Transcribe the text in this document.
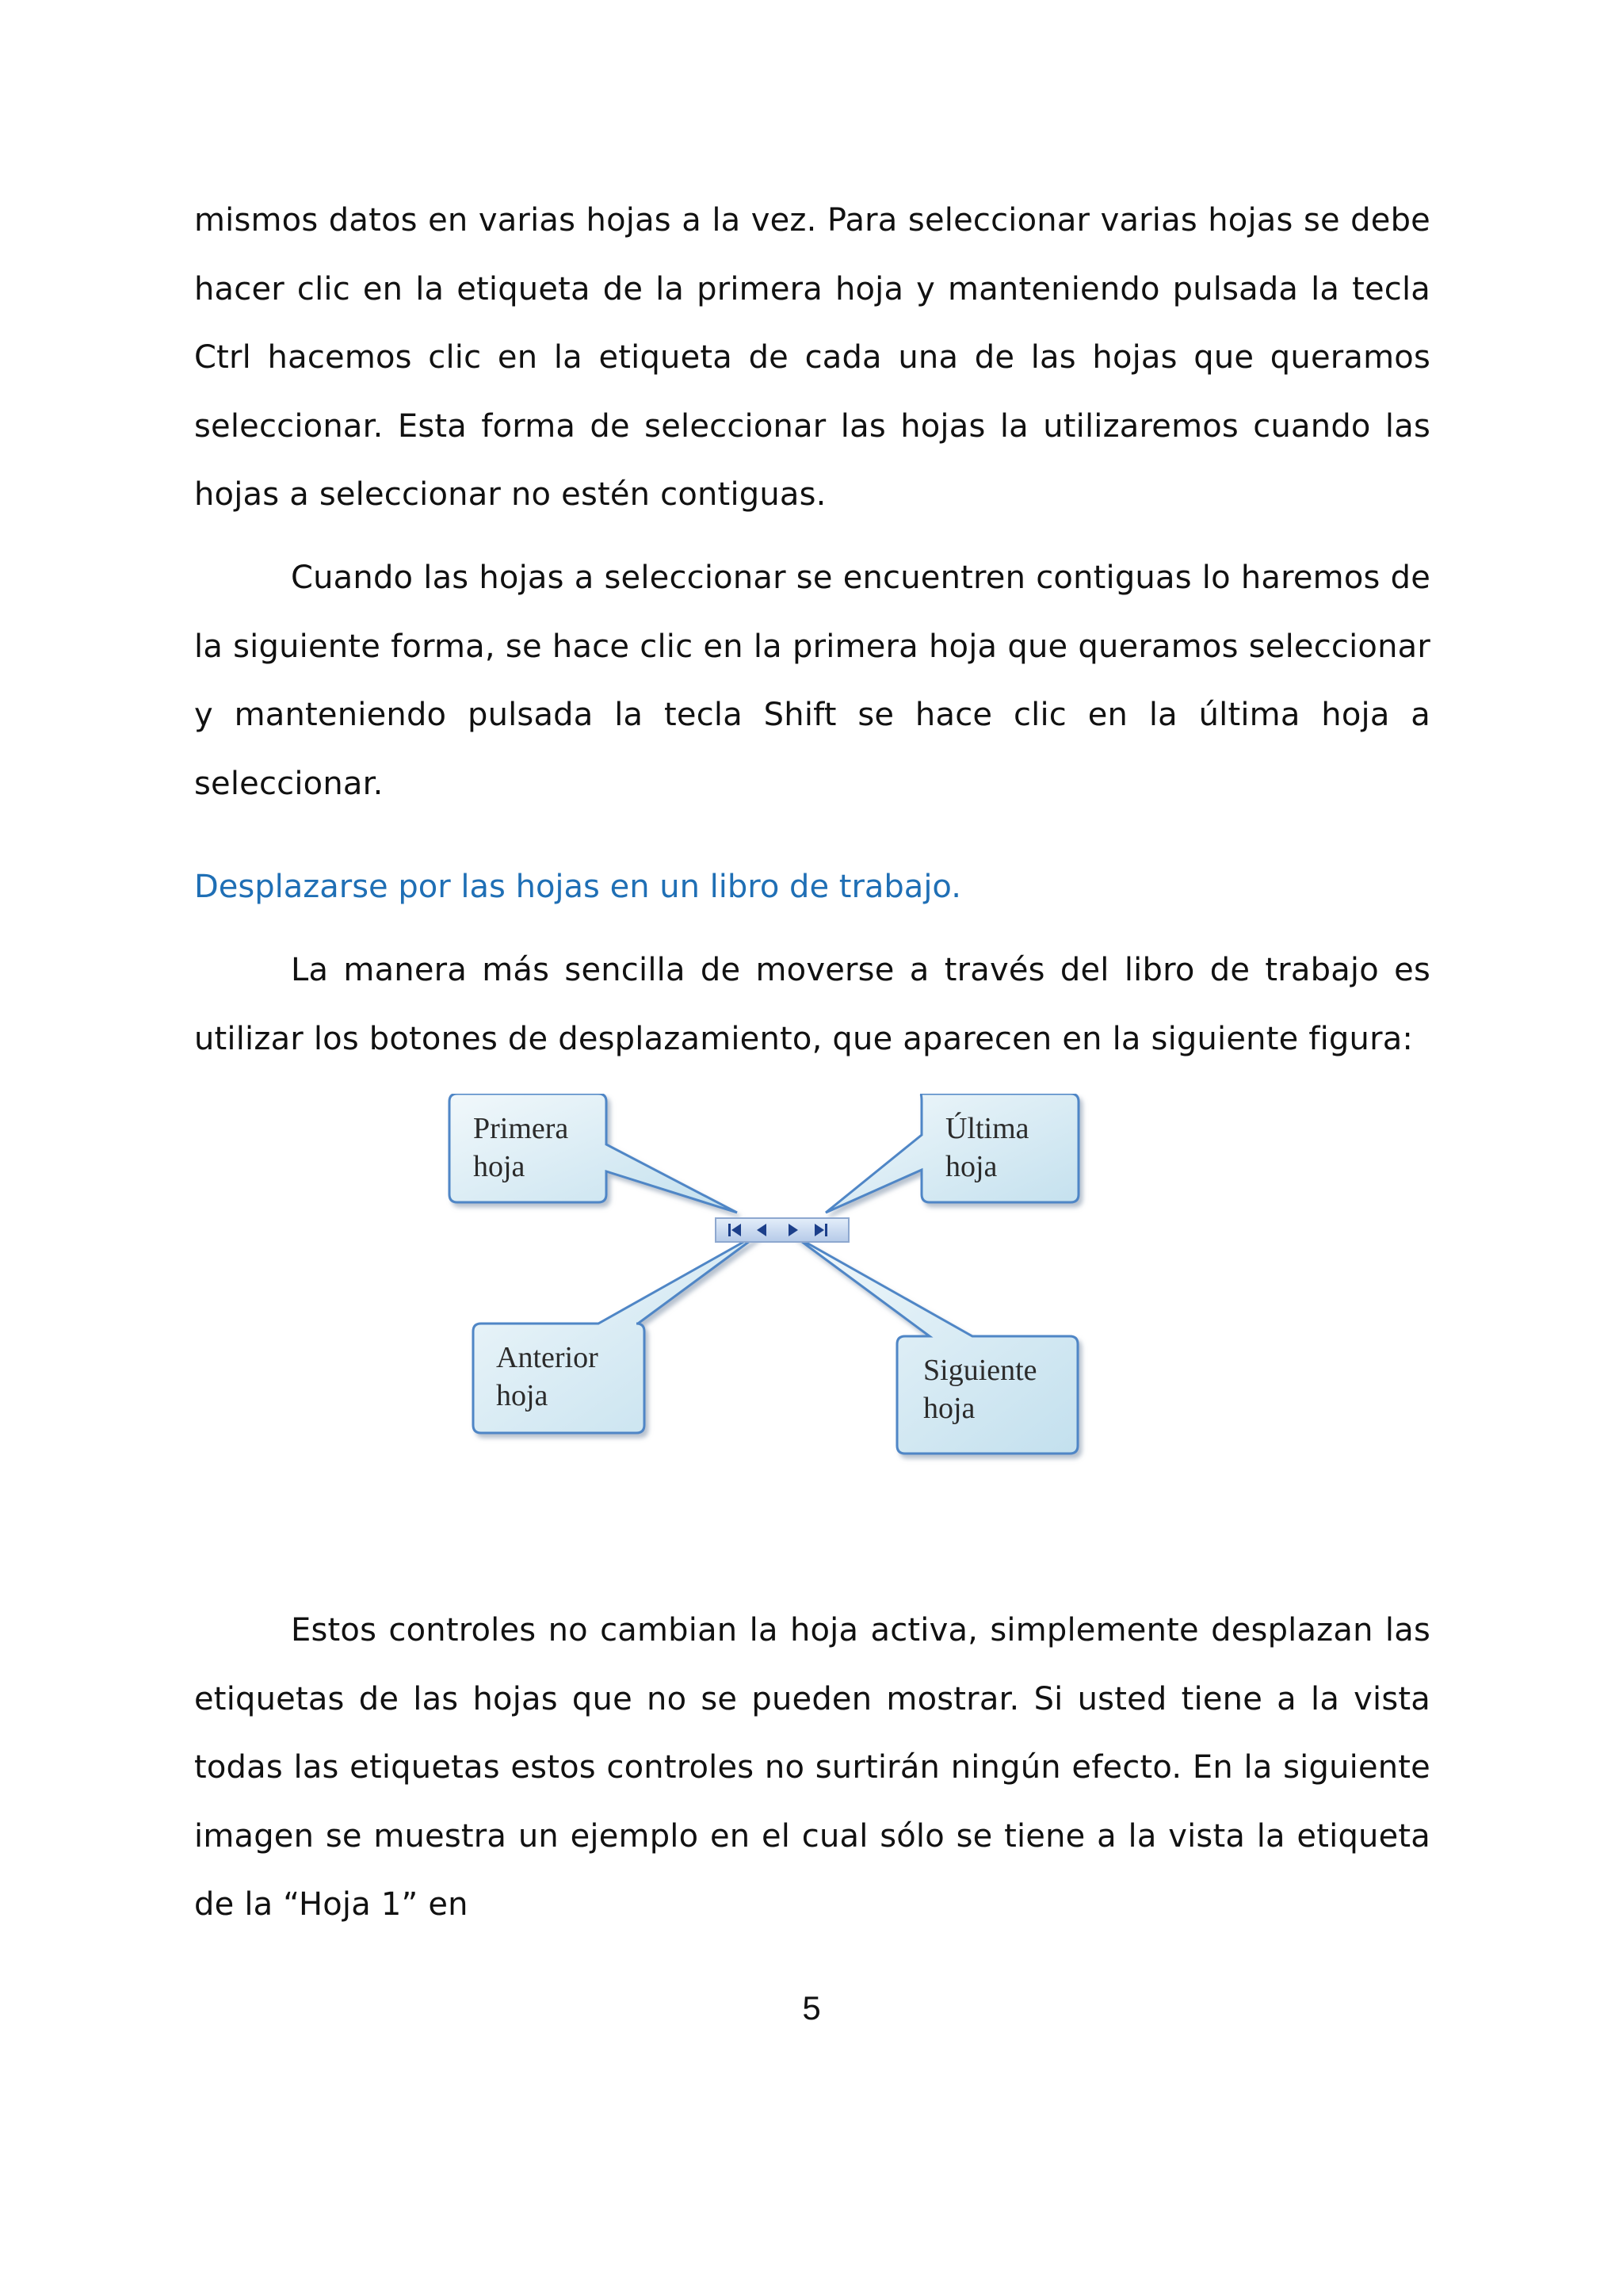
mismos datos en varias hojas a la vez. Para seleccionar varias hojas se debe hacer clic en la etiqueta de la primera hoja y manteniendo pulsada la tecla Ctrl hacemos clic en la etiqueta de cada una de las hojas que queramos seleccionar. Esta forma de seleccionar las hojas la utilizaremos cuando las hojas a seleccionar no estén contiguas.

Cuando las hojas a seleccionar se encuentren contiguas lo haremos de la siguiente forma, se hace clic en la primera hoja que queramos seleccionar y manteniendo pulsada la tecla Shift se hace clic en la última hoja a seleccionar.

Desplazarse por las hojas en un libro de trabajo.

La manera más sencilla de moverse a través del libro de trabajo es utilizar los botones de desplazamiento, que aparecen en la siguiente figura:

Primera
hoja
Última
hoja
Anterior
hoja
Siguiente
hoja

Estos controles no cambian la hoja activa, simplemente desplazan las etiquetas de las hojas que no se pueden mostrar. Si usted tiene a la vista todas las etiquetas estos controles no surtirán ningún efecto. En la siguiente imagen se muestra un ejemplo en el cual sólo se tiene a la vista la etiqueta de la “Hoja 1” en

5
